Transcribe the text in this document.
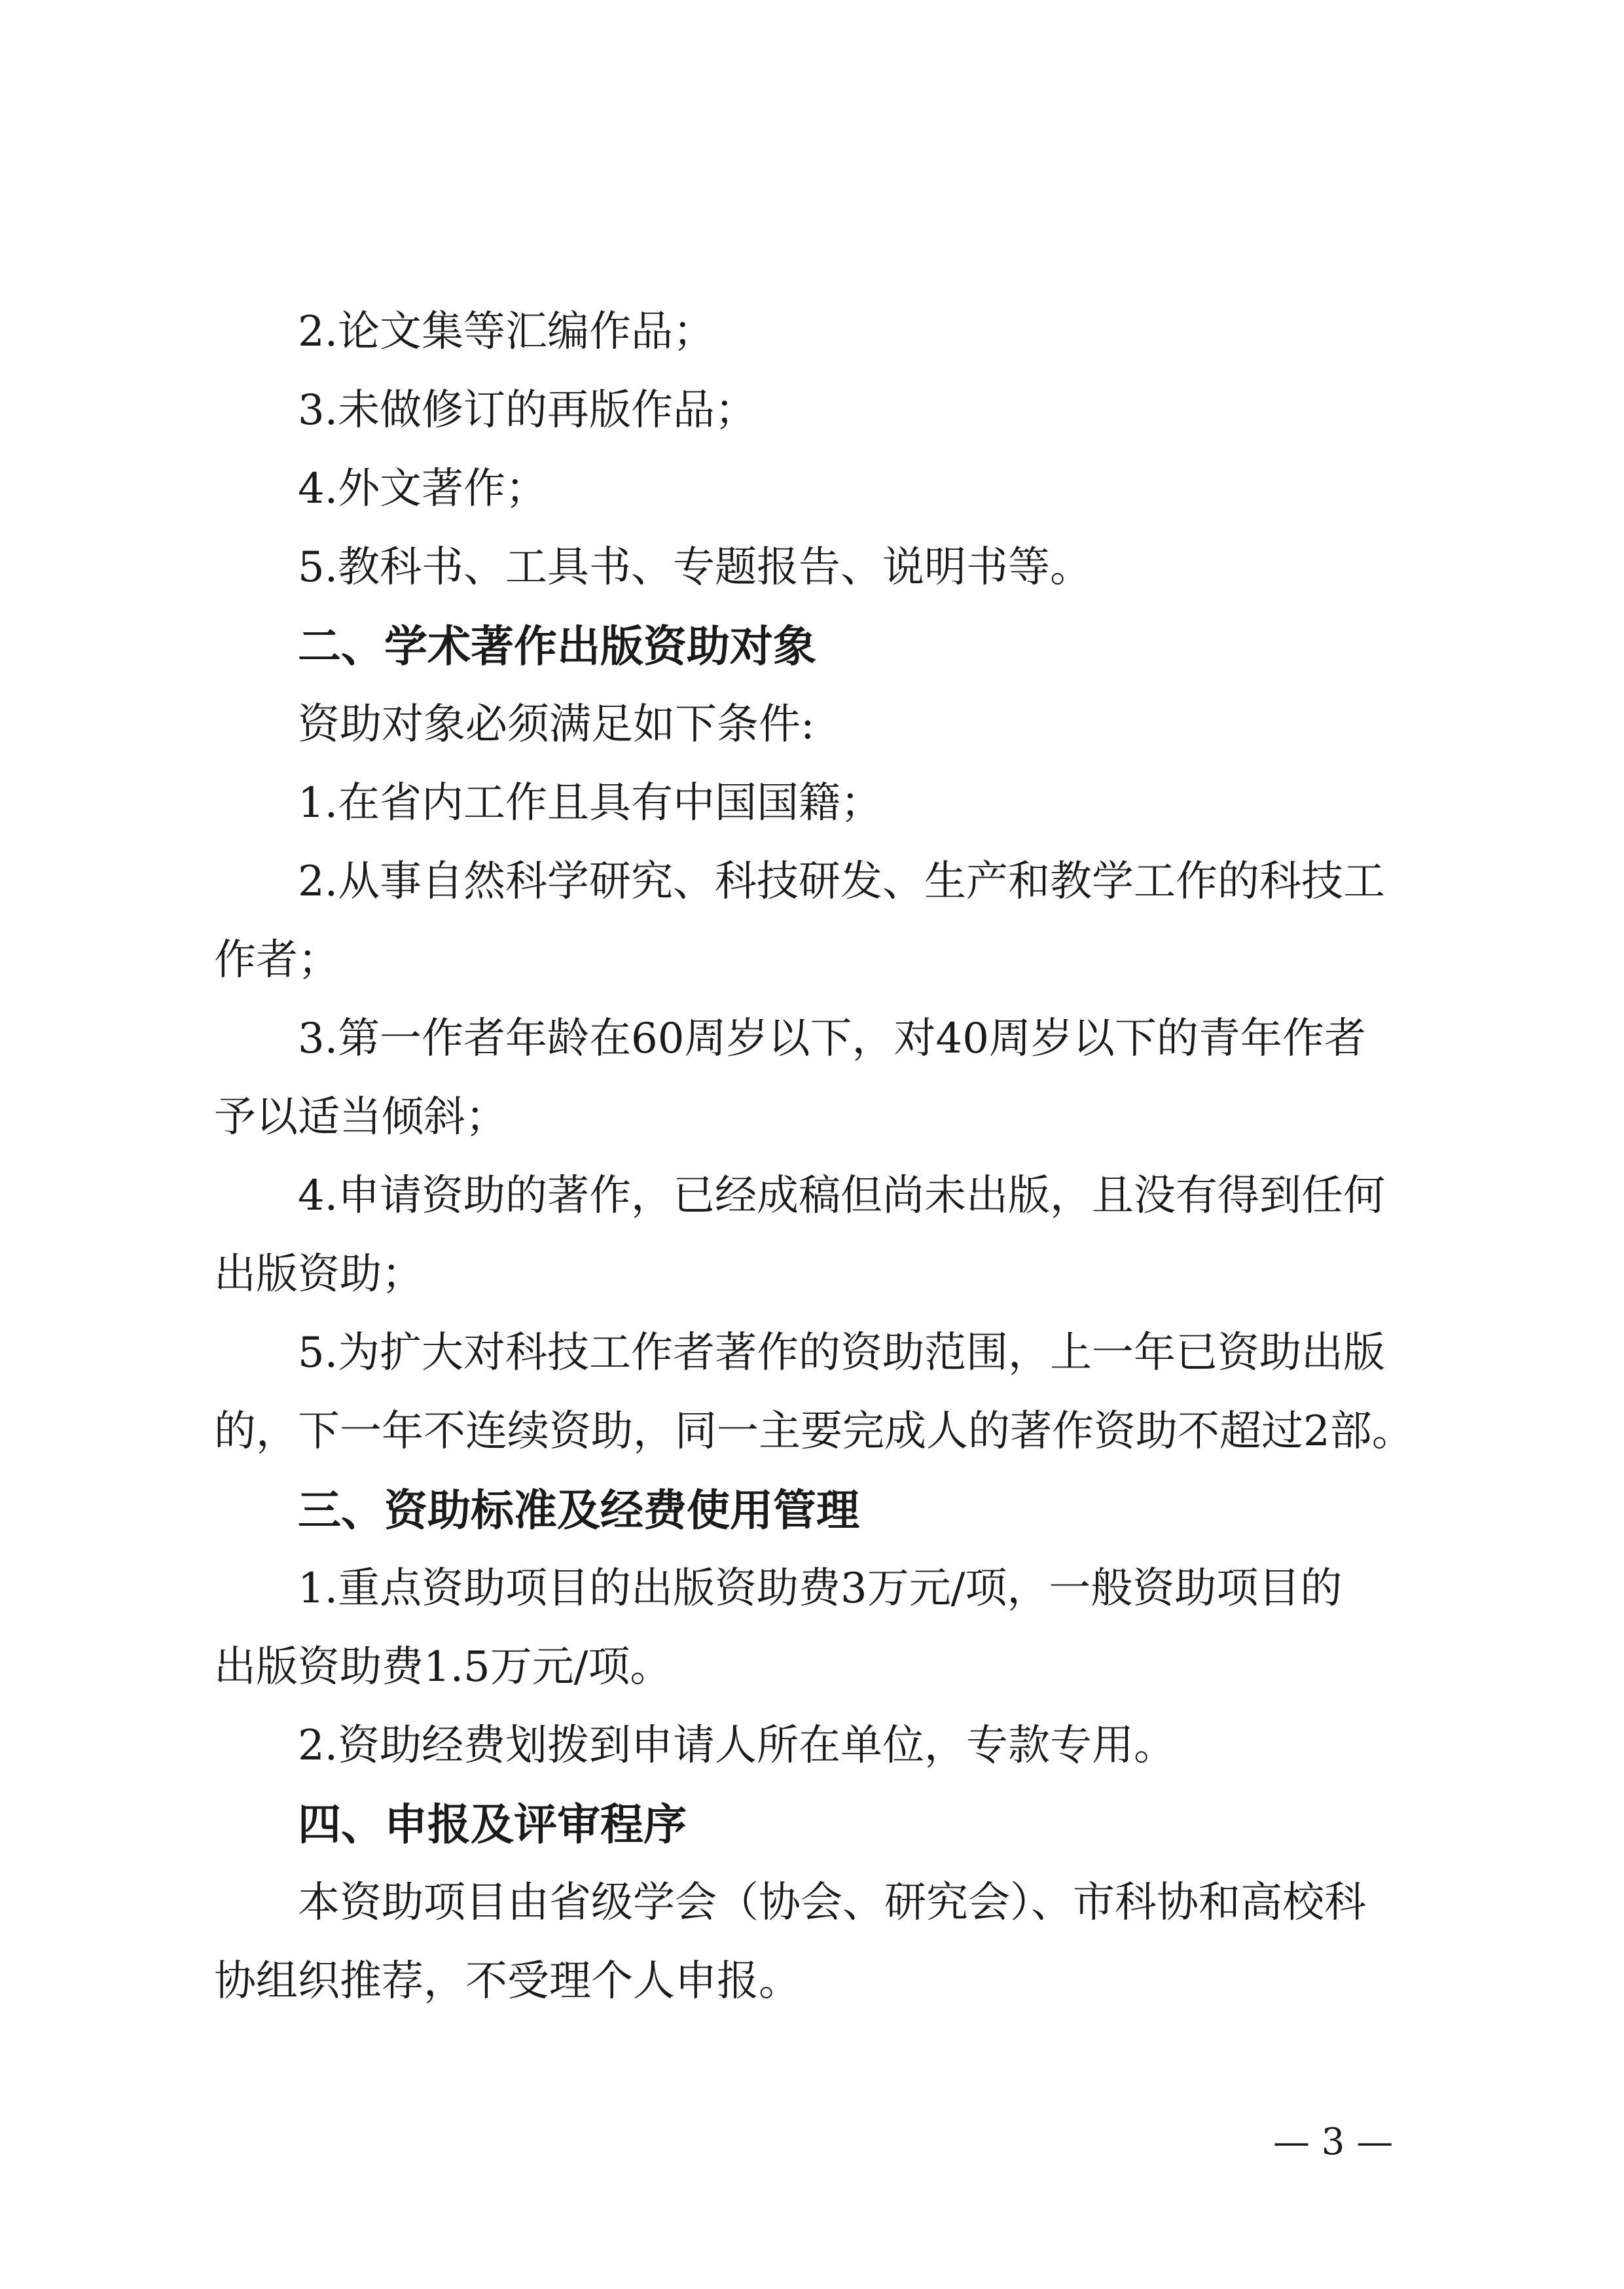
2.论文集等汇编作品；
3.未做修订的再版作品；
4.外文著作；
5.教科书、工具书、专题报告、说明书等。
二、学术著作出版资助对象
资助对象必须满足如下条件:
1.在省内工作且具有中国国籍；
2.从事自然科学研究、科技研发、生产和教学工作的科技工
作者；
3.第一作者年龄在60周岁以下，对40周岁以下的青年作者
予以适当倾斜；
4.申请资助的著作，已经成稿但尚未出版，且没有得到任何
出版资助；
5.为扩大对科技工作者著作的资助范围，上一年已资助出版
的，下一年不连续资助，同一主要完成人的著作资助不超过2部。
三、资助标准及经费使用管理
1.重点资助项目的出版资助费3万元/项，一般资助项目的
出版资助费1.5万元/项。
2.资助经费划拨到申请人所在单位，专款专用。
四、申报及评审程序
本资助项目由省级学会（协会、研究会）、市科协和高校科
协组织推荐，不受理个人申报。
— 3 —
